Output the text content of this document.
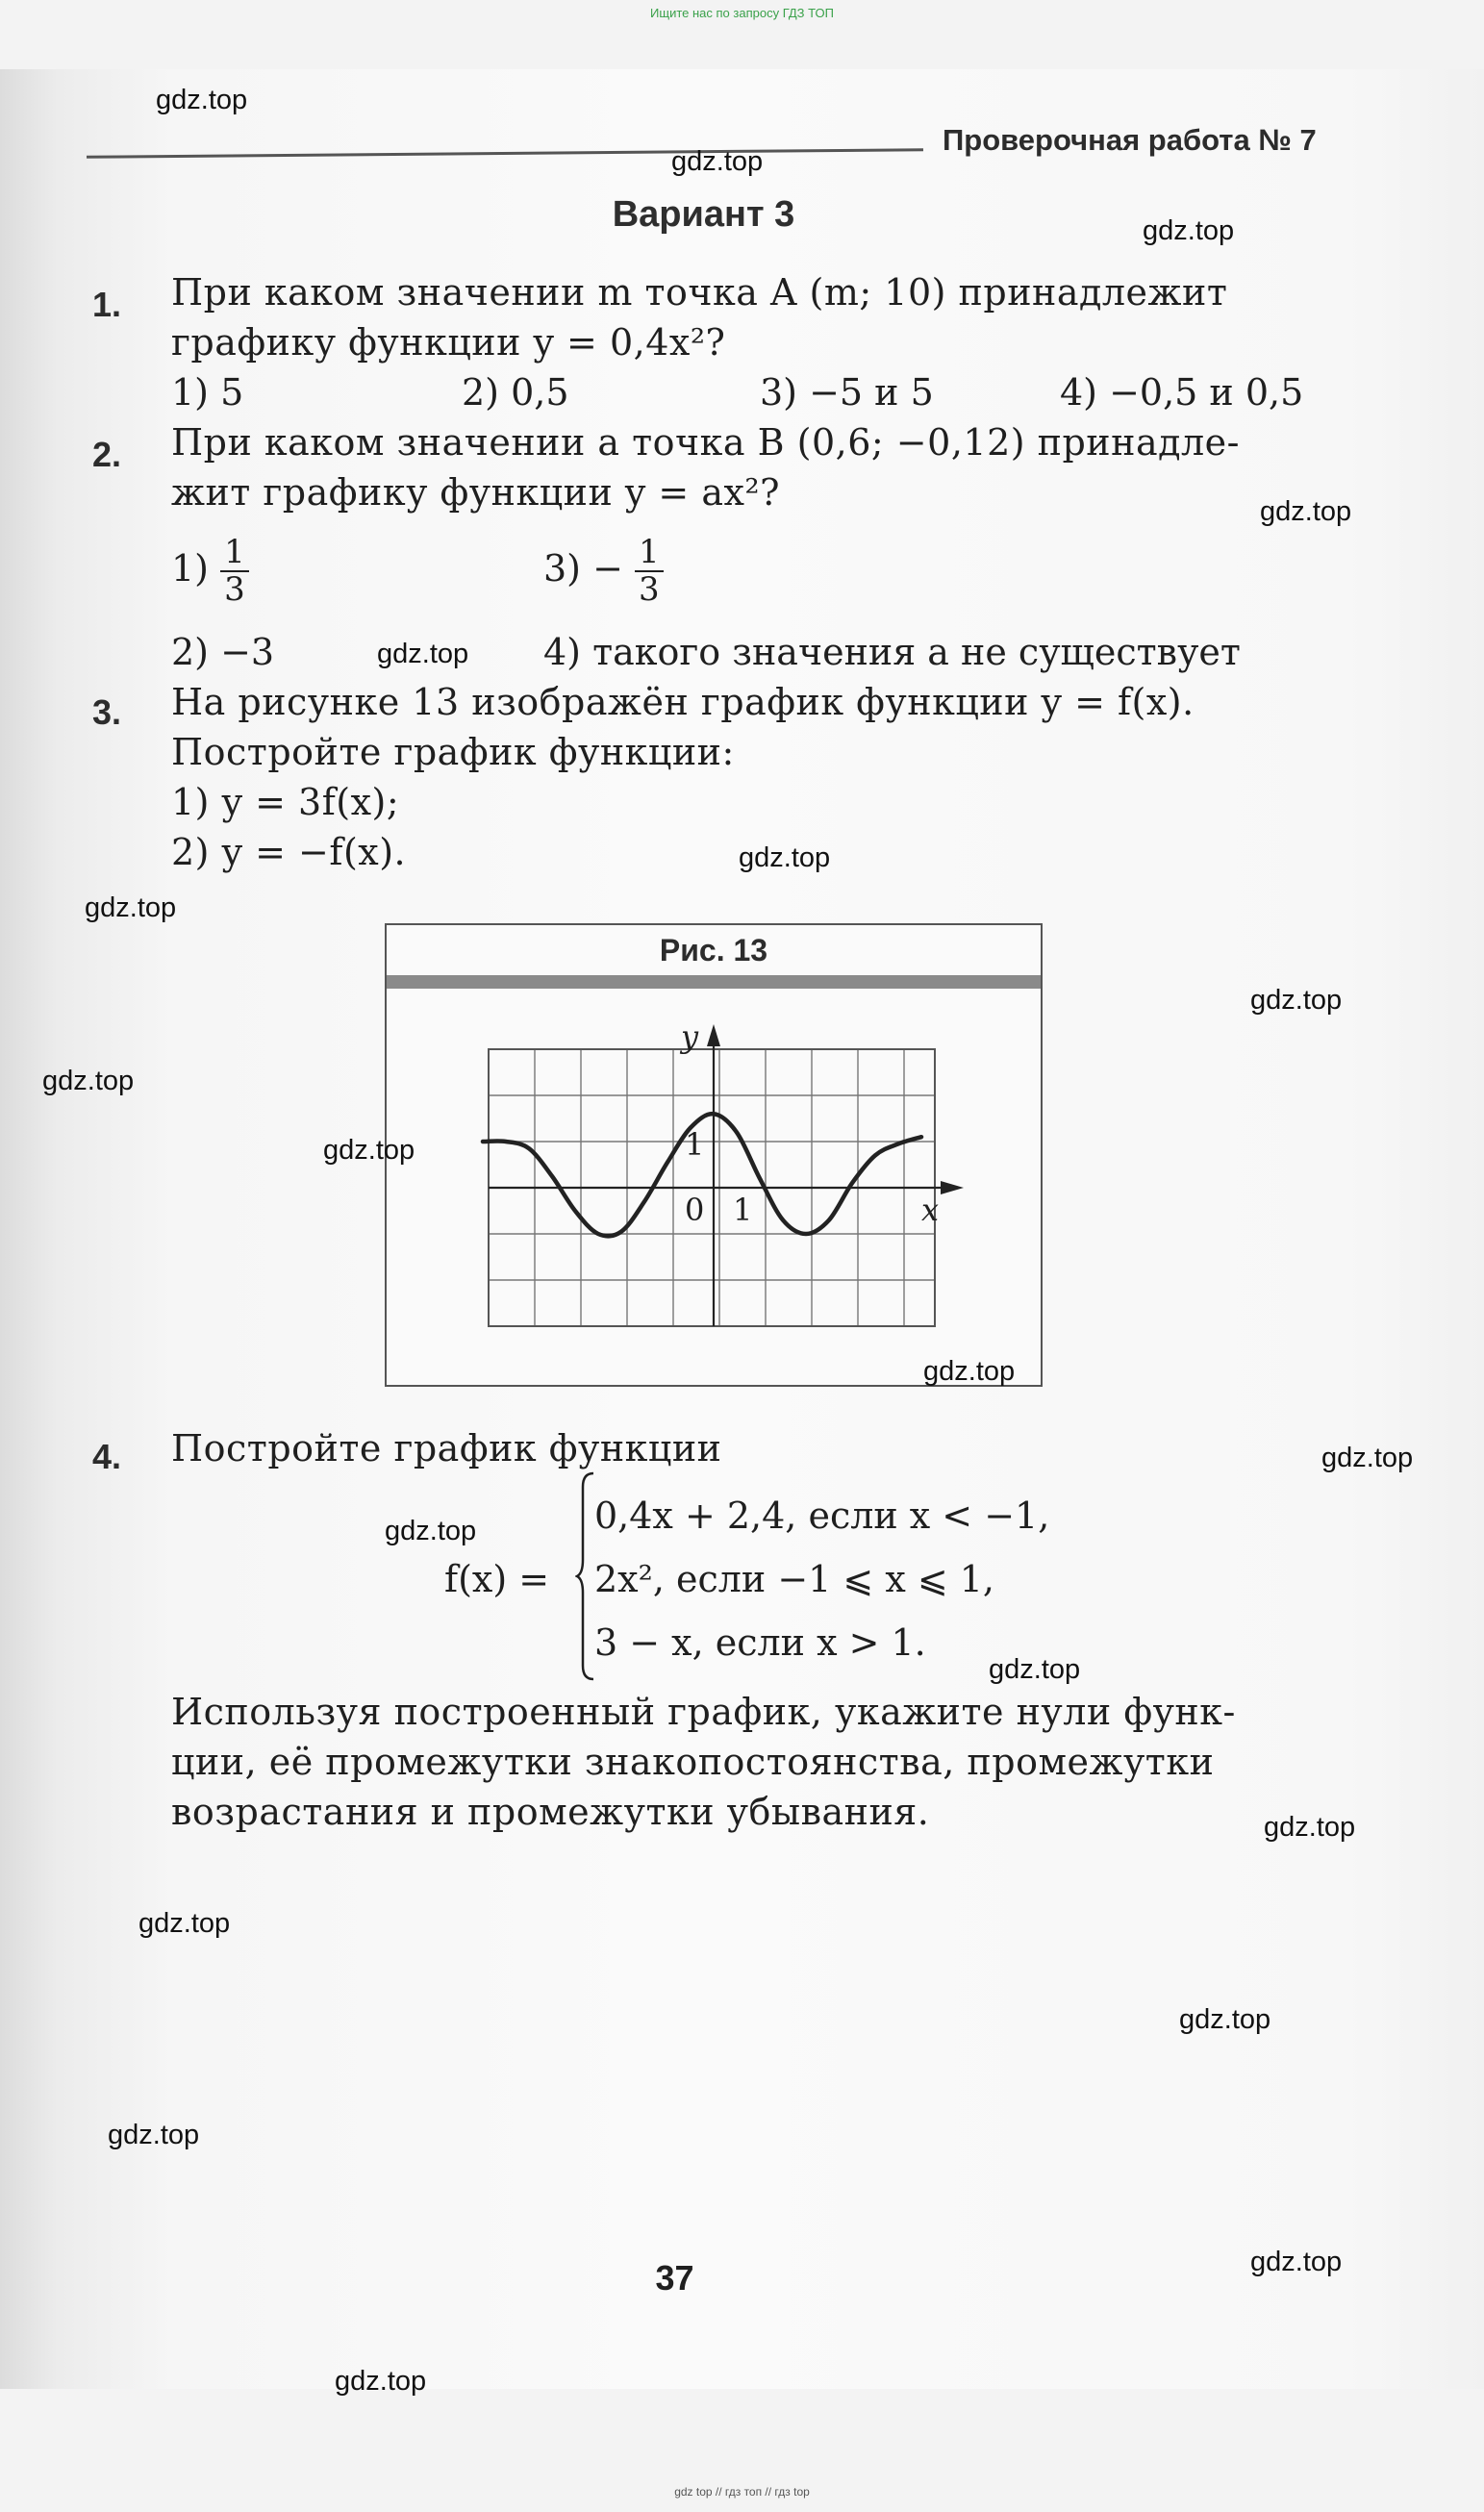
Ищите нас по запросу ГДЗ ТОП
Проверочная работа № 7
Вариант 3
1. При каком значении m точка A (m; 10) принадлежит
графику функции y = 0,4x²?
1) 5	2) 0,5	3) −5 и 5	4) −0,5 и 0,5
2. При каком значении a точка B (0,6; −0,12) принадле-
жит графику функции y = ax²?
$1) \frac{1}{3}$	$3) - \frac{1}{3}$
2) −3	4) такого значения a не существует
3. На рисунке 13 изображён график функции y = f(x).
Постройте график функции:
1) y = 3f(x);
2) y = −f(x).
Рис. 13
y
x
0 1
1
4. Постройте график функции
f(x) =
0,4x + 2,4, если x < −1,
2x², если −1 ⩽ x ⩽ 1,
3 − x, если x > 1.
Используя построенный график, укажите нули функ-
ции, её промежутки знакопостоянства, промежутки
возрастания и промежутки убывания.
37
gdz.top
gdz.top
gdz.top
gdz.top
gdz.top
gdz.top
gdz.top
gdz.top
gdz.top
gdz.top
gdz.top
gdz.top
gdz.top
gdz.top
gdz.top
gdz.top
gdz.top
gdz.top
gdz.top
gdz.top
gdz top // гдз топ // гдз top
